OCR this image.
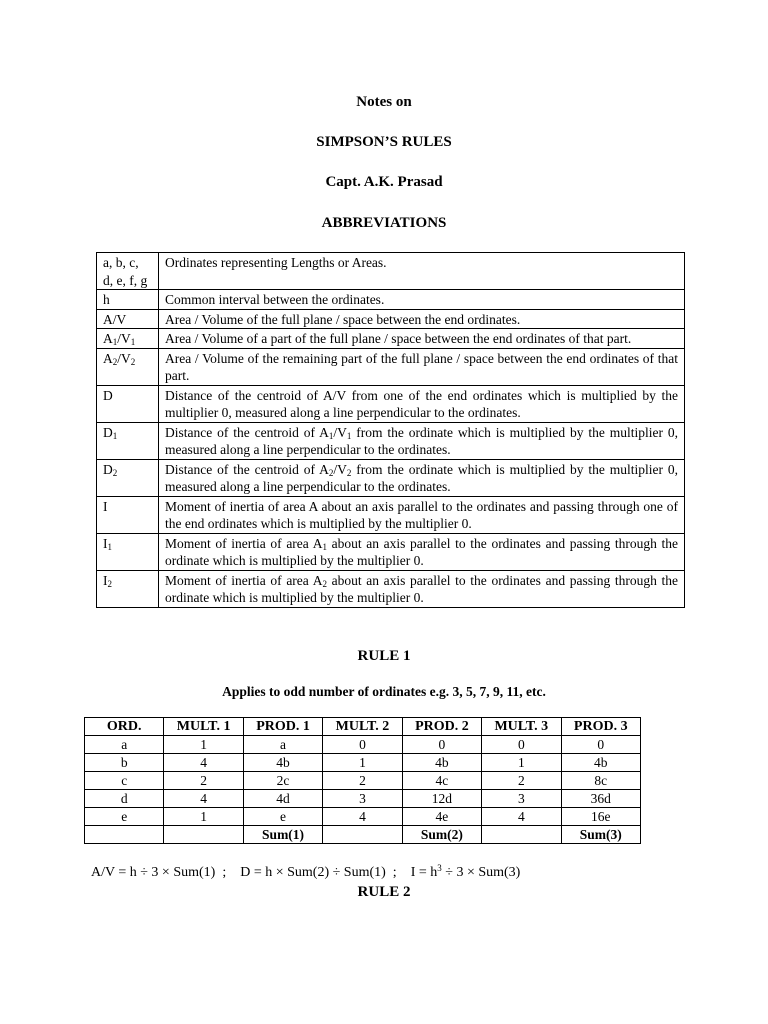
Notes on
SIMPSON’S RULES
Capt. A.K. Prasad
ABBREVIATIONS
a, b, c, d, e, f, g	Ordinates representing Lengths or Areas.
h	Common interval between the ordinates.
A/V	Area / Volume of the full plane / space between the end ordinates.
$A_1/V_1$	Area / Volume of a part of the full plane / space between the end ordinates of that part.
$A_2/V_2$	Area / Volume of the remaining part of the full plane / space between the end ordinates of that part.
D	Distance of the centroid of A/V from one of the end ordinates which is multiplied by the multiplier 0, measured along a line perpendicular to the ordinates.
$D_1$	Distance of the centroid of $A_1/V_1$ from the ordinate which is multiplied by the multiplier 0, measured along a line perpendicular to the ordinates.
$D_2$	Distance of the centroid of $A_2/V_2$ from the ordinate which is multiplied by the multiplier 0, measured along a line perpendicular to the ordinates.
I	Moment of inertia of area A about an axis parallel to the ordinates and passing through one of the end ordinates which is multiplied by the multiplier 0.
$I_1$	Moment of inertia of area $A_1$ about an axis parallel to the ordinates and passing through the ordinate which is multiplied by the multiplier 0.
$I_2$	Moment of inertia of area $A_2$ about an axis parallel to the ordinates and passing through the ordinate which is multiplied by the multiplier 0.
RULE 1
Applies to odd number of ordinates e.g. 3, 5, 7, 9, 11, etc.
ORD.	MULT. 1	PROD. 1	MULT. 2	PROD. 2	MULT. 3	PROD. 3
a	1	a	0	0	0	0
b	4	4b	1	4b	1	4b
c	2	2c	2	4c	2	8c
d	4	4d	3	12d	3	36d
e	1	e	4	4e	4	16e
		Sum(1)		Sum(2)		Sum(3)
A/V = h ÷ 3 × Sum(1)  ;    D = h × Sum(2) ÷ Sum(1)  ;    $I = h^3 \div 3 \times Sum(3)$
RULE 2
